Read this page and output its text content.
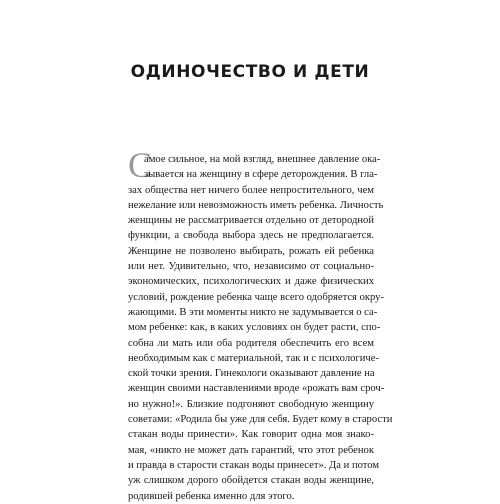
ОДИНОЧЕСТВО И ДЕТИ
С
амое сильное, на мой взгляд, внешнее давление ока-
зывается на женщину в сфере деторождения. В гла-
зах общества нет ничего более непростительного, чем
нежелание или невозможность иметь ребенка. Личность
женщины не рассматривается отдельно от детородной
функции, а свобода выбора здесь не предполагается.
Женщине не позволено выбирать, рожать ей ребенка
или нет. Удивительно, что, независимо от социально-
экономических, психологических и даже физических
условий, рождение ребенка чаще всего одобряется окру-
жающими. В эти моменты никто не задумывается о са-
мом ребенке: как, в каких условиях он будет расти, спо-
собна ли мать или оба родителя обеспечить его всем
необходимым как с материальной, так и с психологиче-
ской точки зрения. Гинекологи оказывают давление на
женщин своими наставлениями вроде «рожать вам сроч-
но нужно!». Близкие подгоняют свободную женщину
советами: «Родила бы уже для себя. Будет кому в старости
стакан воды принести». Как говорит одна моя знако-
мая, «никто не может дать гарантий, что этот ребенок
и правда в старости стакан воды принесет». Да и потом
уж слишком дорого обойдется стакан воды женщине,
родившей ребенка именно для этого.
